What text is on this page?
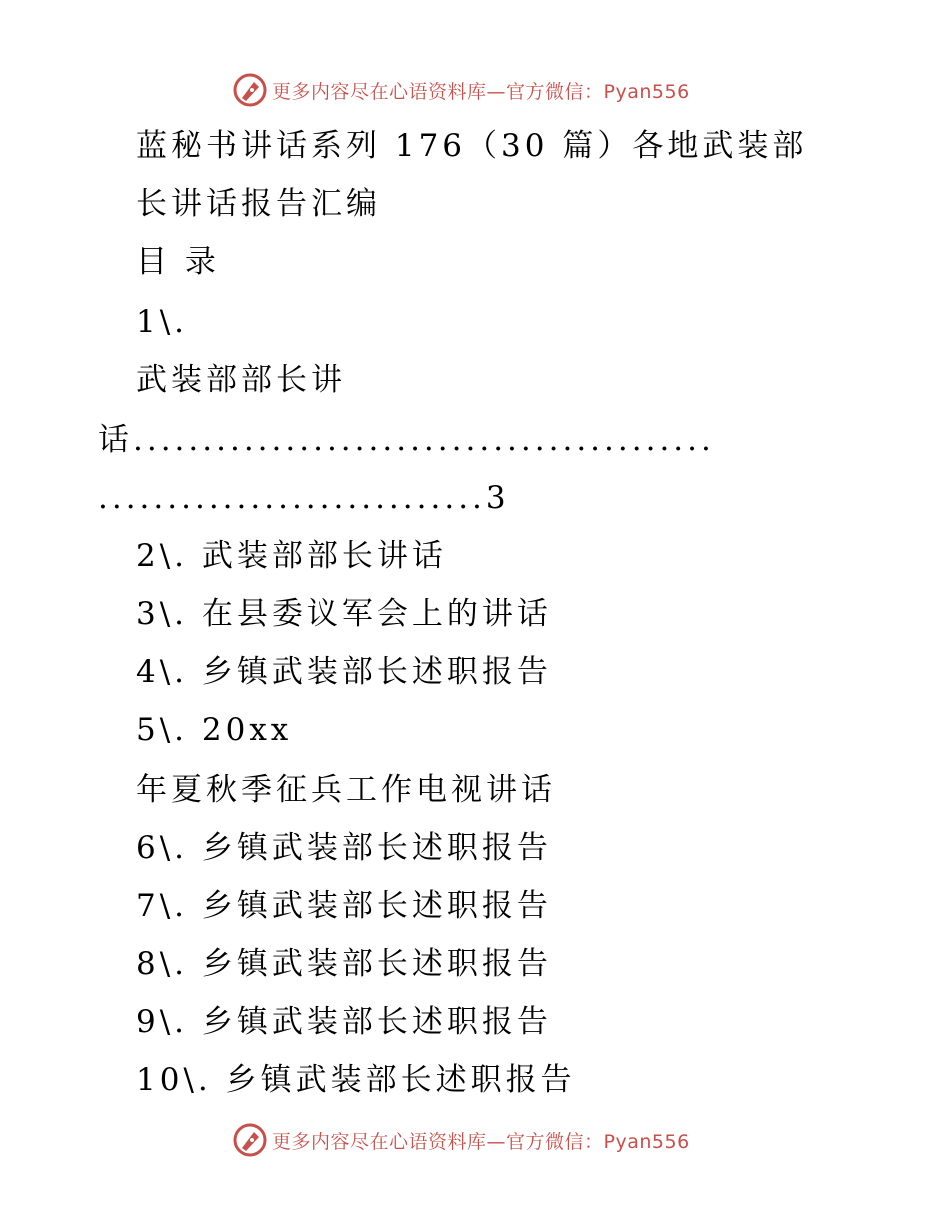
更多内容尽在心语资料库—官方微信：Pyan556
蓝秘书讲话系列 176（30 篇）各地武装部
长讲话报告汇编
目 录
1\.
武装部部长讲
话..........................................
............................3
2\. 武装部部长讲话
3\. 在县委议军会上的讲话
4\. 乡镇武装部长述职报告
5\. 20xx
年夏秋季征兵工作电视讲话
6\. 乡镇武装部长述职报告
7\. 乡镇武装部长述职报告
8\. 乡镇武装部长述职报告
9\. 乡镇武装部长述职报告
10\. 乡镇武装部长述职报告
更多内容尽在心语资料库—官方微信：Pyan556
